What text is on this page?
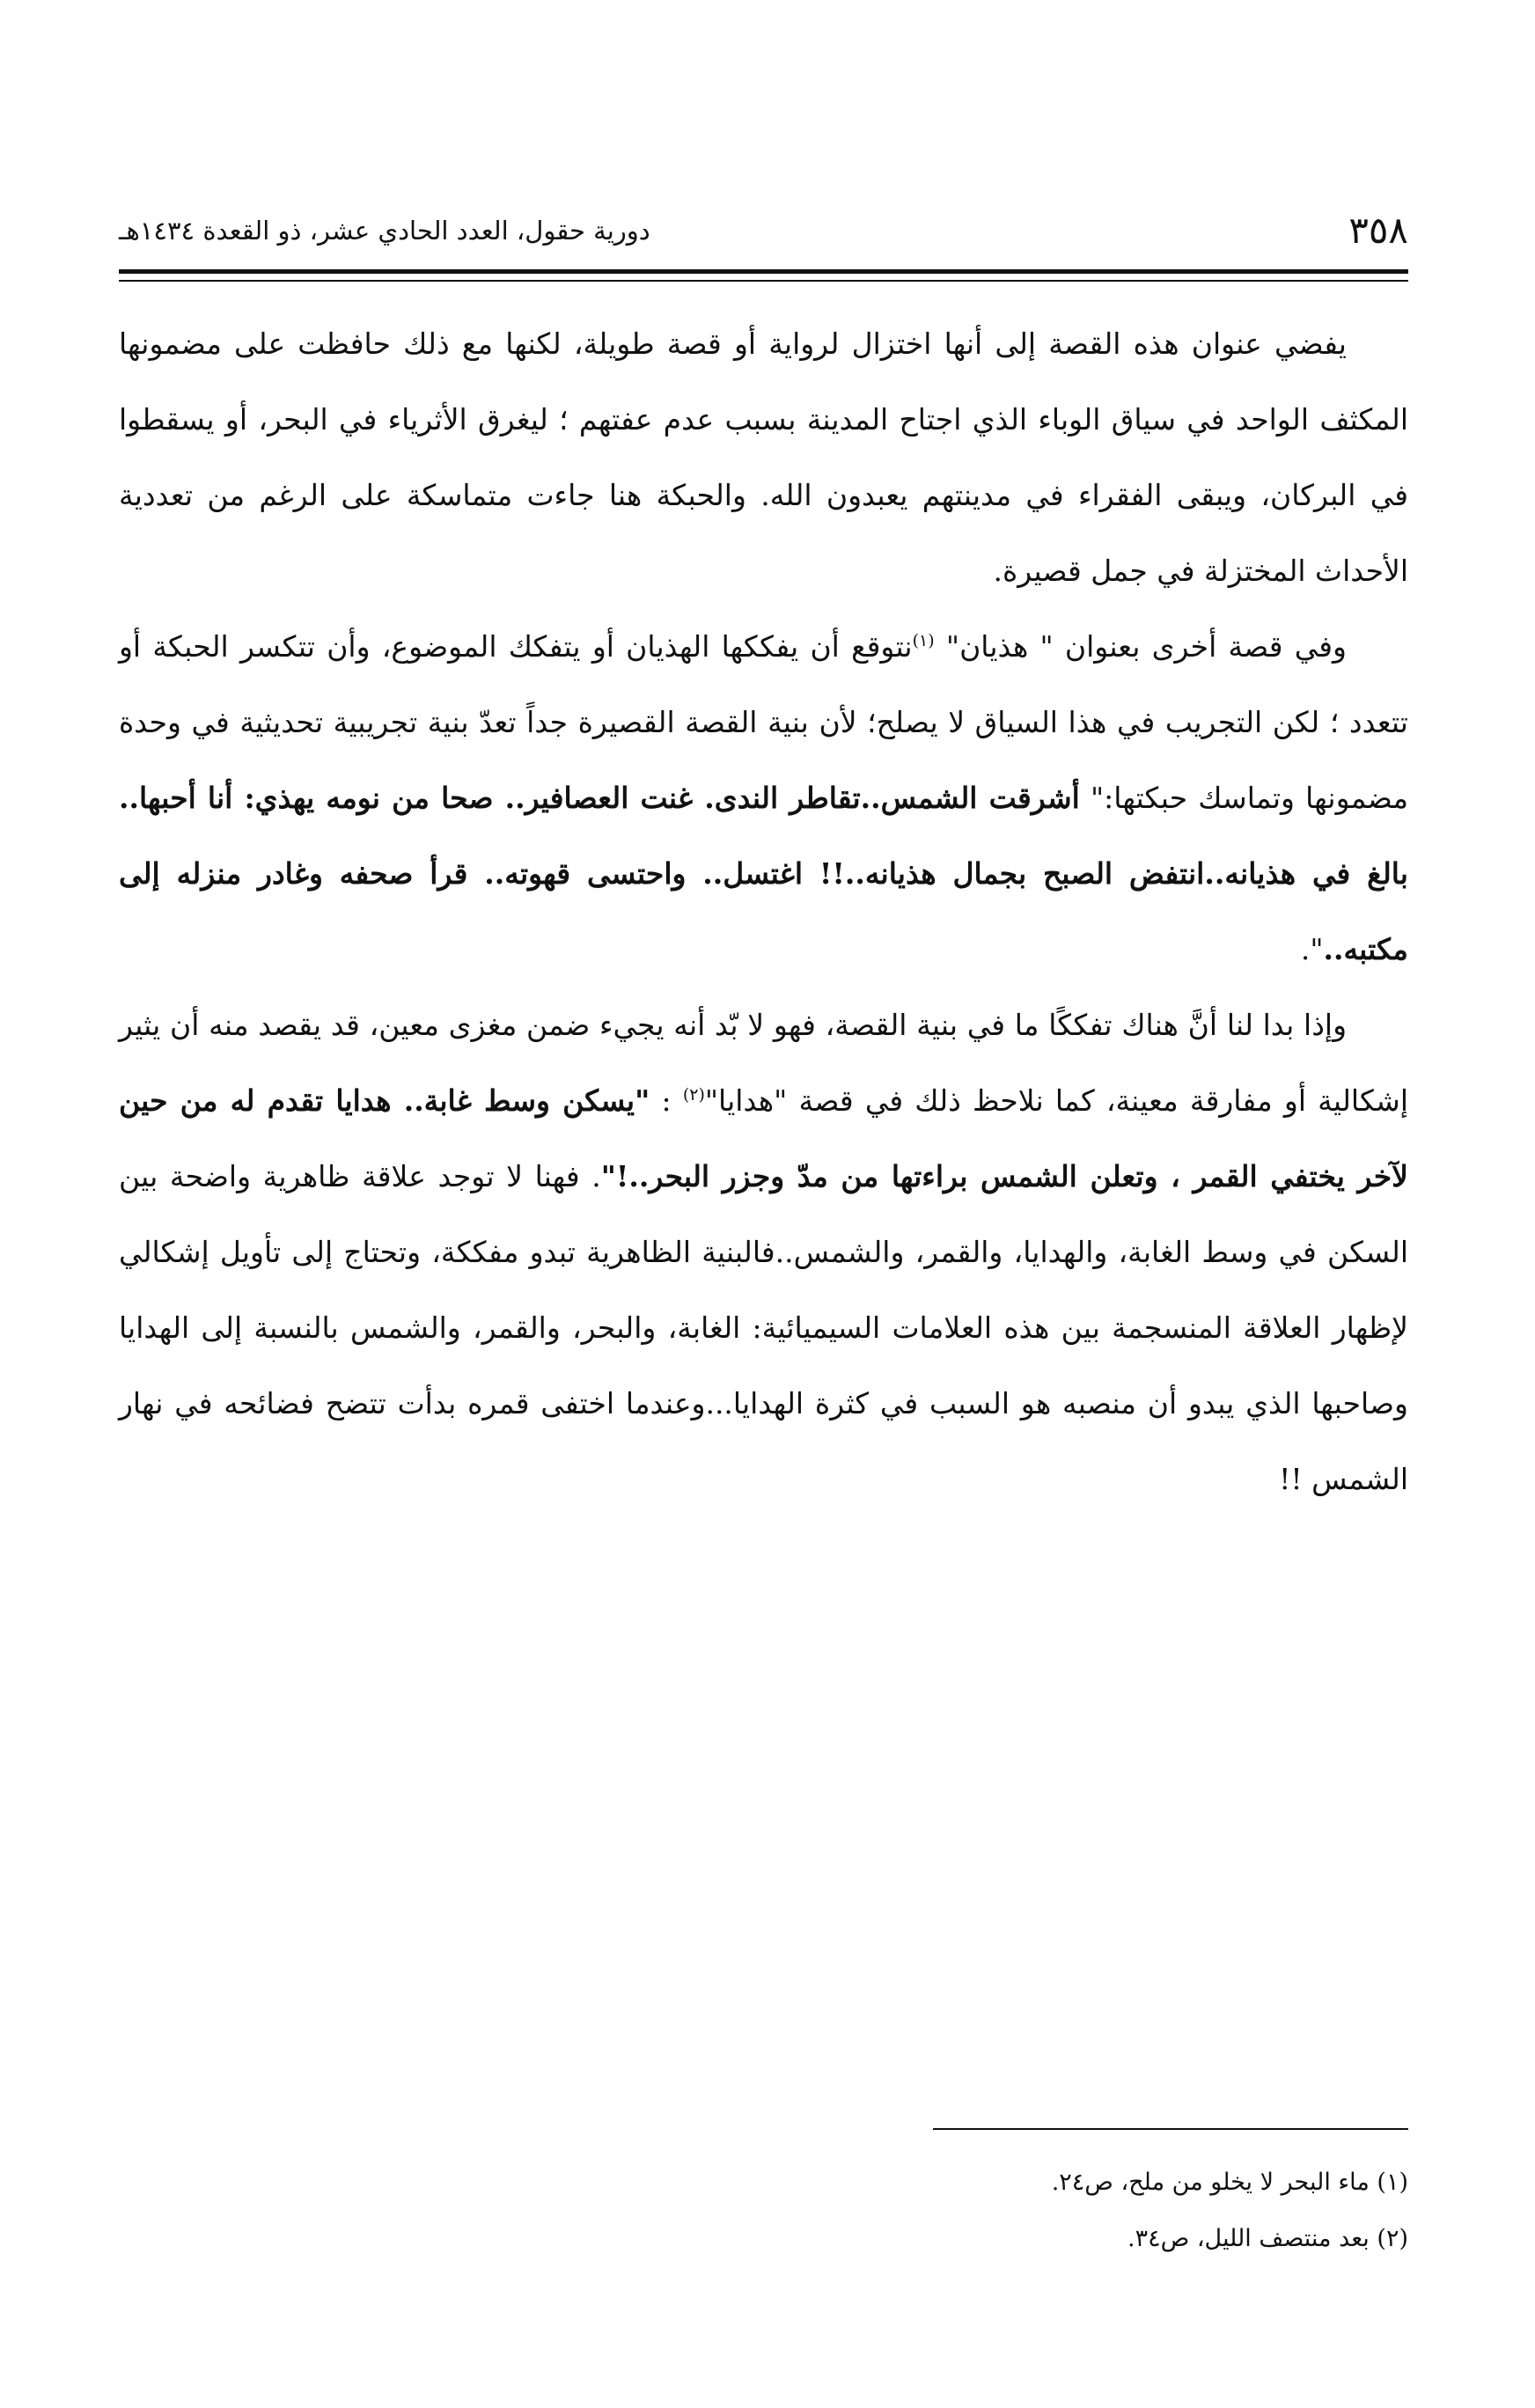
٣٥٨
دورية حقول، العدد الحادي عشر، ذو القعدة ١٤٣٤هـ

يفضي عنوان هذه القصة إلى أنها اختزال لرواية أو قصة طويلة، لكنها مع ذلك حافظت على مضمونها المكثف الواحد في سياق الوباء الذي اجتاح المدينة بسبب عدم عفتهم ؛ ليغرق الأثرياء في البحر، أو يسقطوا في البركان، ويبقى الفقراء في مدينتهم يعبدون الله. والحبكة هنا جاءت متماسكة على الرغم من تعددية الأحداث المختزلة في جمل قصيرة.

وفي قصة أخرى بعنوان " هذيان" $^{(١)}$نتوقع أن يفككها الهذيان أو يتفكك الموضوع، وأن تتكسر الحبكة أو تتعدد ؛ لكن التجريب في هذا السياق لا يصلح؛ لأن بنية القصة القصيرة جداً تعدّ بنية تجريبية تحديثية في وحدة مضمونها وتماسك حبكتها:" أشرقت الشمس..تقاطر الندى. غنت العصافير.. صحا من نومه يهذي: أنا أحبها.. بالغ في هذيانه..انتفض الصبح بجمال هذيانه..!! اغتسل.. واحتسى قهوته.. قرأ صحفه وغادر منزله إلى مكتبه..".

وإذا بدا لنا أنَّ هناك تفككًا ما في بنية القصة، فهو لا بّد أنه يجيء ضمن مغزى معين، قد يقصد منه أن يثير إشكالية أو مفارقة معينة، كما نلاحظ ذلك في قصة "هدايا"$^{(٢)}$ : "يسكن وسط غابة.. هدايا تقدم له من حين لآخر يختفي القمر ، وتعلن الشمس براءتها من مدّ وجزر البحر..!". فهنا لا توجد علاقة ظاهرية واضحة بين السكن في وسط الغابة، والهدايا، والقمر، والشمس..فالبنية الظاهرية تبدو مفككة، وتحتاج إلى تأويل إشكالي لإظهار العلاقة المنسجمة بين هذه العلامات السيميائية: الغابة، والبحر، والقمر، والشمس بالنسبة إلى الهدايا وصاحبها الذي يبدو أن منصبه هو السبب في كثرة الهدايا...وعندما اختفى قمره بدأت تتضح فضائحه في نهار الشمس !!

(١) ماء البحر لا يخلو من ملح، ص٢٤.

(٢) بعد منتصف الليل، ص٣٤.
